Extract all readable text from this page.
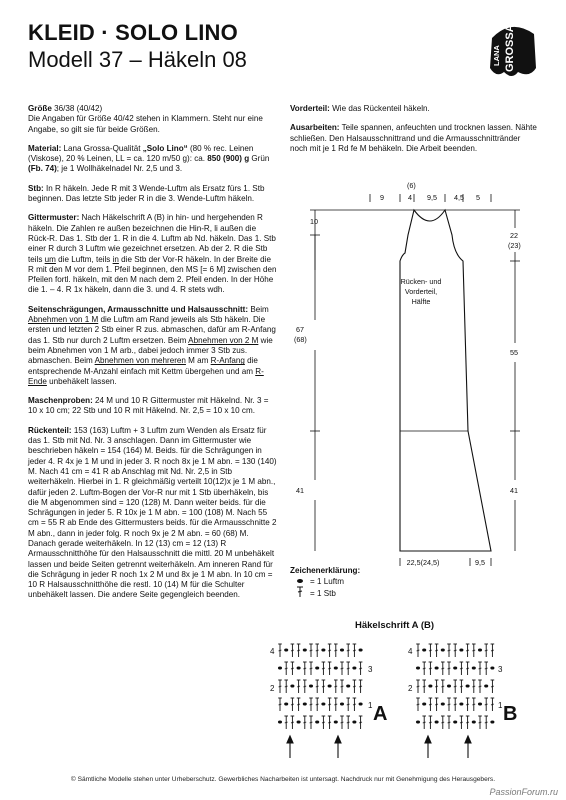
KLEID · SOLO LINO
Modell 37 – Häkeln 08	LANA GROSSA

Größe 36/38 (40/42)
Die Angaben für Größe 40/42 stehen in Klammern. Steht nur eine Angabe, so gilt sie für beide Größen.

Material: Lana Grossa-Qualität „Solo Lino“ (80 % rec. Leinen (Viskose), 20 % Leinen, LL = ca. 120 m/50 g): ca. 850 (900) g Grün (Fb. 74); je 1 Wollhäkelnadel Nr. 2,5 und 3.

Stb: In R häkeln. Jede R mit 3 Wende-Luftm als Ersatz fürs 1. Stb beginnen. Das letzte Stb jeder R in die 3. Wende-Luftm häkeln.

Gittermuster: Nach Häkelschrift A (B) in hin- und hergehenden R häkeln. Die Zahlen re außen bezeichnen die Hin-R, li außen die Rück-R. Das 1. Stb der 1. R in die 4. Luftm ab Nd. häkeln. Das 1. Stb einer R durch 3 Luftm wie gezeichnet ersetzen. Ab der 2. R die Stb teils um die Luftm, teils in die Stb der Vor-R häkeln. In der Breite die R mit den M vor dem 1. Pfeil beginnen, den MS [= 6 M] zwischen den Pfeilen fortl. häkeln, mit den M nach dem 2. Pfeil enden. In der Höhe die 1. – 4. R 1x häkeln, dann die 3. und 4. R stets wdh.

Seitenschrägungen, Armausschnitte und Halsausschnitt: Beim Abnehmen von 1 M die Luftm am Rand jeweils als Stb häkeln. Die ersten und letzten 2 Stb einer R zus. abmaschen, dafür am R-Anfang das 1. Stb nur durch 2 Luftm ersetzen. Beim Abnehmen von 2 M wie beim Abnehmen von 1 M arb., dabei jedoch immer 3 Stb zus. abmaschen. Beim Abnehmen von mehreren M am R-Anfang die entsprechende M-Anzahl einfach mit Kettm übergehen und am R-Ende unbehäkelt lassen.

Maschenproben: 24 M und 10 R Gittermuster mit Häkelnd. Nr. 3 = 10 x 10 cm; 22 Stb und 10 R mit Häkelnd. Nr. 2,5 = 10 x 10 cm.

Rückenteil: 153 (163) Luftm + 3 Luftm zum Wenden als Ersatz für das 1. Stb mit Nd. Nr. 3 anschlagen. Dann im Gittermuster wie beschrieben häkeln = 154 (164) M. Beids. für die Schrägungen in jeder 4. R 4x je 1 M und in jeder 3. R noch 8x je 1 M abn. = 130 (140) M. Nach 41 cm = 41 R ab Anschlag mit Nd. Nr. 2,5 in Stb weiterhäkeln. Hierbei in 1. R gleichmäßig verteilt 10(12)x je 1 M abn., dafür jeden 2. Luftm-Bogen der Vor-R nur mit 1 Stb überhäkeln, bis die M abgenommen sind = 120 (128) M. Dann weiter beids. für die Schrägungen in jeder 5. R 10x je 1 M abn. = 100 (108) M. Nach 55 cm = 55 R ab Ende des Gittermusters beids. für die Armausschnitte 2 M abn., dann in jeder folg. R noch 9x je 2 M abn. = 60 (68) M. Danach gerade weiterhäkeln. In 12 (13) cm = 12 (13) R Armausschnitthöhe für den Halsausschnitt die mittl. 20 M unbehäkelt lassen und beide Seiten getrennt weiterhäkeln. Am inneren Rand für die Schrägung in jeder R noch 1x 2 M und 8x je 1 M abn. In 10 cm = 10 R Halsausschnitthöhe die restl. 10 (14) M für die Schulter unbehäkelt lassen. Die andere Seite gegengleich beenden.

Vorderteil: Wie das Rückenteil häkeln.

Ausarbeiten: Teile spannen, anfeuchten und trocknen lassen. Nähte schließen. Den Halsausschnittrand und die Armausschnittränder noch mit je 1 Rd fe M behäkeln. Die Arbeit beenden.

(6)
9	4 9,5 4,5 5
10
22
(23)
Rücken- und
Vorderteil,
Hälfte
67
(68)
55
41	41
22,5(24,5)	9,5
Zeichenerklärung:
= 1 Luftm
= 1 Stb
Häkelschrift A (B)
4
2
3
1 A
4
2
3
1 B
© Sämtliche Modelle stehen unter Urheberschutz. Gewerbliches Nacharbeiten ist untersagt. Nachdruck nur mit Genehmigung des Herausgebers.
PassionForum.ru
